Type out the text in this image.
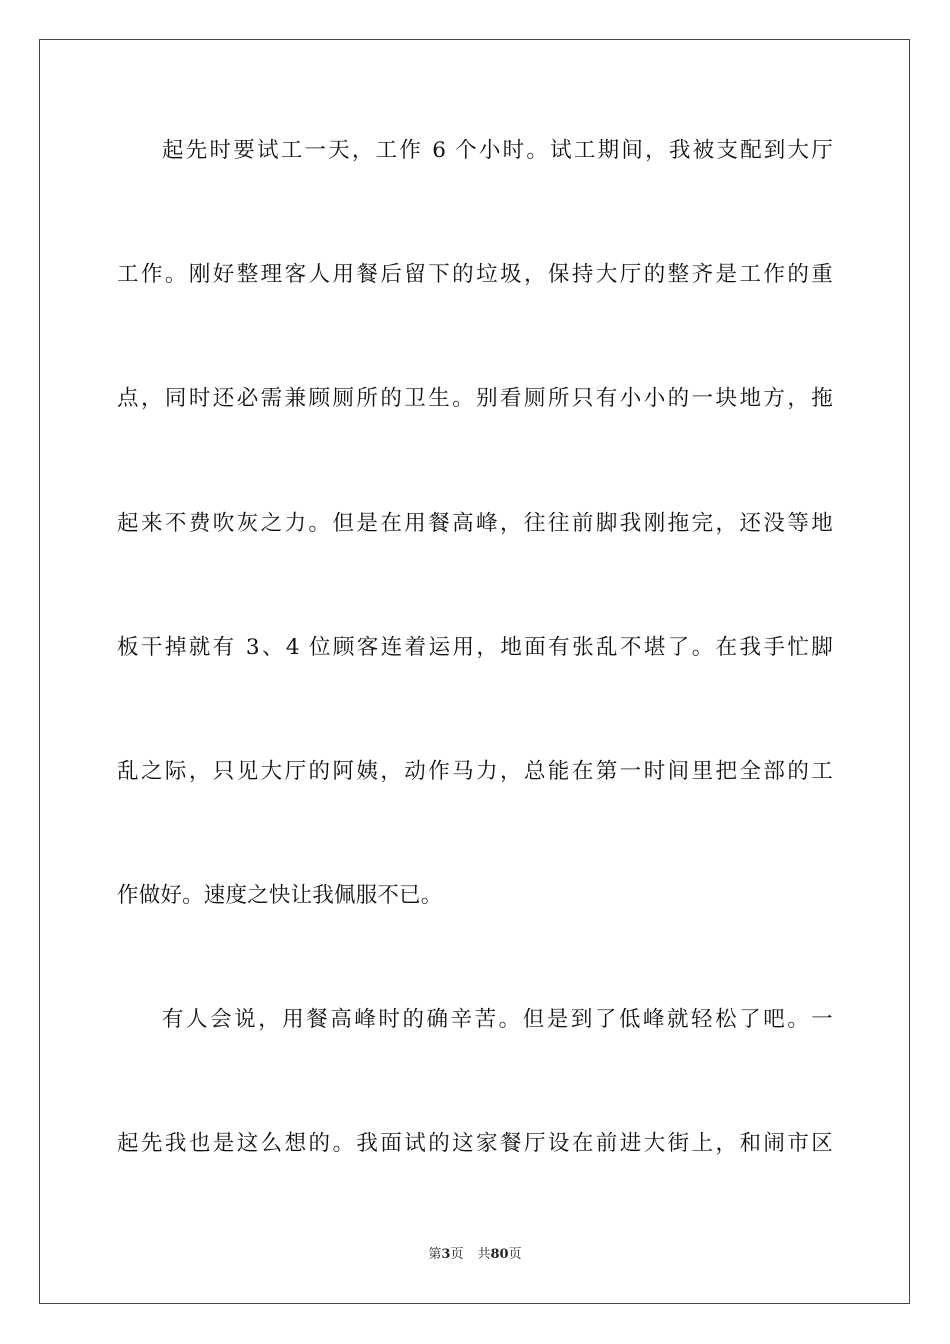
起先时要试工一天，工作 6 个小时。试工期间，我被支配到大厅
工作。刚好整理客人用餐后留下的垃圾，保持大厅的整齐是工作的重
点，同时还必需兼顾厕所的卫生。别看厕所只有小小的一块地方，拖
起来不费吹灰之力。但是在用餐高峰，往往前脚我刚拖完，还没等地
板干掉就有 3、4 位顾客连着运用，地面有张乱不堪了。在我手忙脚
乱之际，只见大厅的阿姨，动作马力，总能在第一时间里把全部的工
作做好。速度之快让我佩服不已。
有人会说，用餐高峰时的确辛苦。但是到了低峰就轻松了吧。一
起先我也是这么想的。我面试的这家餐厅设在前进大街上，和闹市区
第3页 共80页
